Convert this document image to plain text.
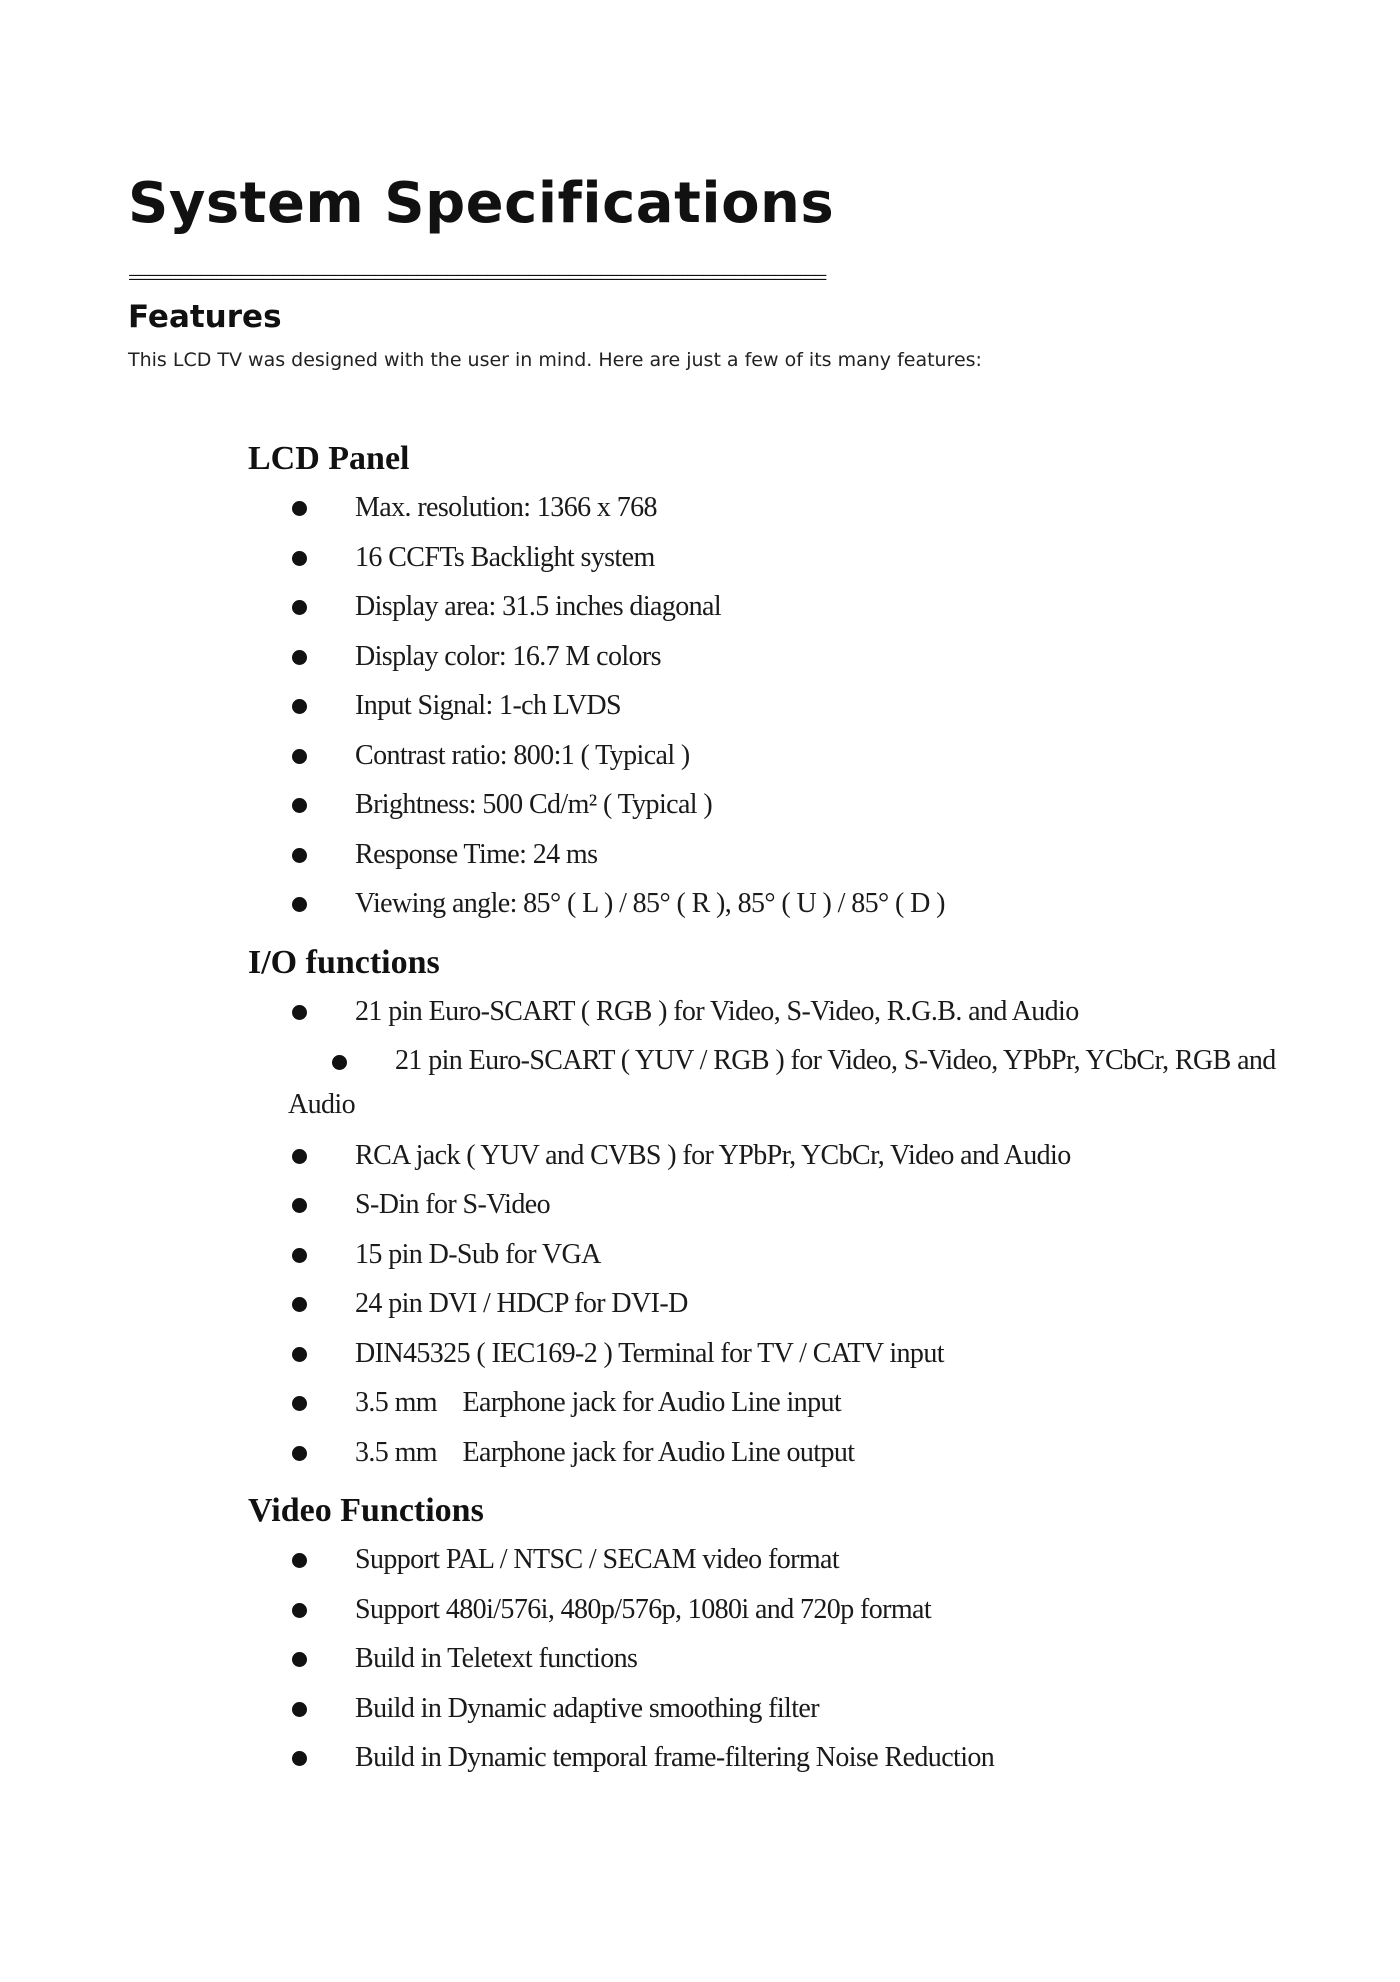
System Specifications
====================================================================
Features
This LCD TV was designed with the user in mind. Here are just a few of its many features:
LCD Panel
Max. resolution: 1366 x 768
16 CCFTs Backlight system
Display area: 31.5 inches diagonal
Display color: 16.7 M colors
Input Signal: 1-ch LVDS
Contrast ratio: 800:1 ( Typical )
Brightness: 500 Cd/m² ( Typical )
Response Time: 24 ms
Viewing angle: 85° ( L ) / 85° ( R ), 85° ( U ) / 85° ( D )
I/O functions
21 pin Euro-SCART ( RGB ) for Video, S-Video, R.G.B. and Audio
21 pin Euro-SCART ( YUV / RGB ) for Video, S-Video, YPbPr, YCbCr, RGB and Audio
RCA jack ( YUV and CVBS ) for YPbPr, YCbCr, Video and Audio
S-Din for S-Video
15 pin D-Sub for VGA
24 pin DVI / HDCP for DVI-D
DIN45325 ( IEC169-2 ) Terminal for TV / CATV input
3.5 mm    Earphone jack for Audio Line input
3.5 mm    Earphone jack for Audio Line output
Video Functions
Support PAL / NTSC / SECAM video format
Support 480i/576i, 480p/576p, 1080i and 720p format
Build in Teletext functions
Build in Dynamic adaptive smoothing filter
Build in Dynamic temporal frame-filtering Noise Reduction
